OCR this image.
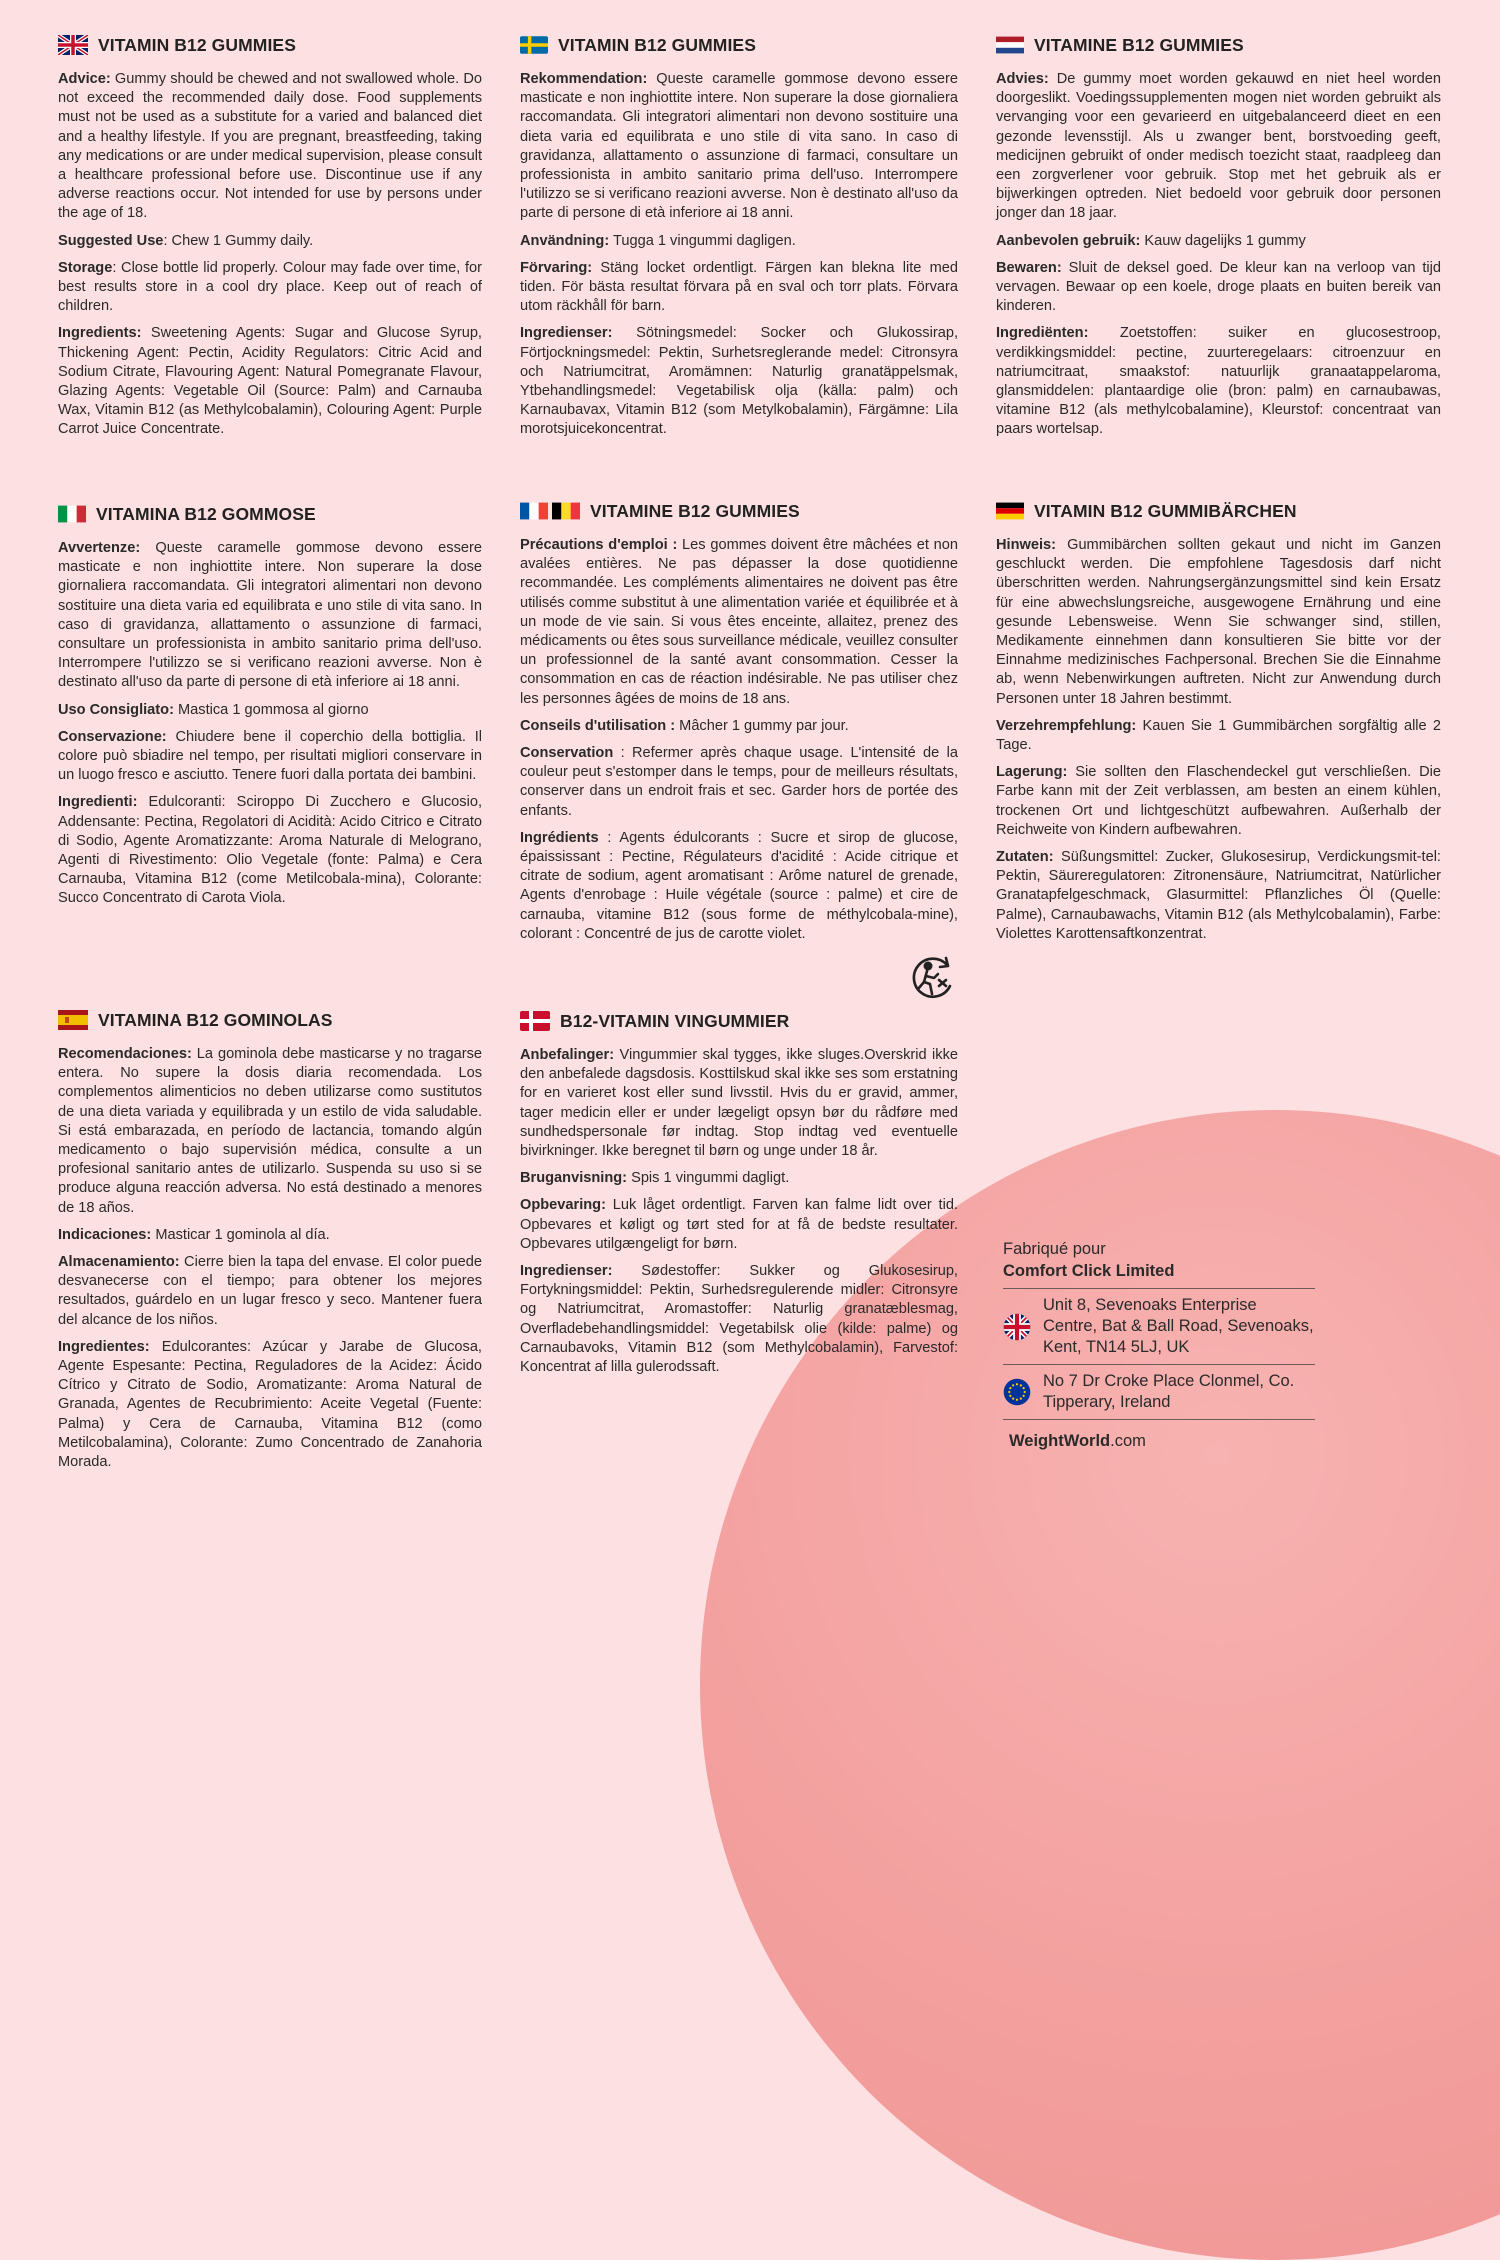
VITAMIN B12 GUMMIES

Advice: Gummy should be chewed and not swallowed whole. Do not exceed the recommended daily dose. Food supplements must not be used as a substitute for a varied and balanced diet and a healthy lifestyle. If you are pregnant, breastfeeding, taking any medications or are under medical supervision, please consult a healthcare professional before use. Discontinue use if any adverse reactions occur. Not intended for use by persons under the age of 18.

Suggested Use: Chew 1 Gummy daily.

Storage: Close bottle lid properly. Colour may fade over time, for best results store in a cool dry place. Keep out of reach of children.

Ingredients: Sweetening Agents: Sugar and Glucose Syrup, Thickening Agent: Pectin, Acidity Regulators: Citric Acid and Sodium Citrate, Flavouring Agent: Natural Pomegranate Flavour, Glazing Agents: Vegetable Oil (Source: Palm) and Carnauba Wax, Vitamin B12 (as Methylcobalamin), Colouring Agent: Purple Carrot Juice Concentrate.

VITAMIN B12 GUMMIES

Rekommendation: Queste caramelle gommose devono essere masticate e non inghiottite intere. Non superare la dose giornaliera raccomandata. Gli integratori alimentari non devono sostituire una dieta varia ed equilibrata e uno stile di vita sano. In caso di gravidanza, allattamento o assunzione di farmaci, consultare un professionista in ambito sanitario prima dell'uso. Interrompere l'utilizzo se si verificano reazioni avverse. Non è destinato all'uso da parte di persone di età inferiore ai 18 anni.

Användning: Tugga 1 vingummi dagligen.

Förvaring: Stäng locket ordentligt. Färgen kan blekna lite med tiden. För bästa resultat förvara på en sval och torr plats. Förvara utom räckhåll för barn.

Ingredienser: Sötningsmedel: Socker och Glukossirap, Förtjockningsmedel: Pektin, Surhetsreglerande medel: Citronsyra och Natriumcitrat, Aromämnen: Naturlig granatäppelsmak, Ytbehandlingsmedel: Vegetabilisk olja (källa: palm) och Karnaubavax, Vitamin B12 (som Metylkobalamin), Färgämne: Lila morotsjuicekoncentrat.

VITAMINE B12 GUMMIES

Advies: De gummy moet worden gekauwd en niet heel worden doorgeslikt. Voedingssupplementen mogen niet worden gebruikt als vervanging voor een gevarieerd en uitgebalanceerd dieet en een gezonde levensstijl. Als u zwanger bent, borstvoeding geeft, medicijnen gebruikt of onder medisch toezicht staat, raadpleeg dan een zorgverlener voor gebruik. Stop met het gebruik als er bijwerkingen optreden. Niet bedoeld voor gebruik door personen jonger dan 18 jaar.

Aanbevolen gebruik: Kauw dagelijks 1 gummy

Bewaren: Sluit de deksel goed. De kleur kan na verloop van tijd vervagen. Bewaar op een koele, droge plaats en buiten bereik van kinderen.

Ingrediënten: Zoetstoffen: suiker en glucosestroop, verdikkingsmiddel: pectine, zuurteregelaars: citroenzuur en natriumcitraat, smaakstof: natuurlijk granaatappelaroma, glansmiddelen: plantaardige olie (bron: palm) en carnaubawas, vitamine B12 (als methylcobalamine), Kleurstof: concentraat van paars wortelsap.

VITAMINA B12 GOMMOSE

Avvertenze: Queste caramelle gommose devono essere masticate e non inghiottite intere. Non superare la dose giornaliera raccomandata. Gli integratori alimentari non devono sostituire una dieta varia ed equilibrata e uno stile di vita sano. In caso di gravidanza, allattamento o assunzione di farmaci, consultare un professionista in ambito sanitario prima dell'uso. Interrompere l'utilizzo se si verificano reazioni avverse. Non è destinato all'uso da parte di persone di età inferiore ai 18 anni.

Uso Consigliato: Mastica 1 gommosa al giorno

Conservazione: Chiudere bene il coperchio della bottiglia. Il colore può sbiadire nel tempo, per risultati migliori conservare in un luogo fresco e asciutto. Tenere fuori dalla portata dei bambini.

Ingredienti: Edulcoranti: Sciroppo Di Zucchero e Glucosio, Addensante: Pectina, Regolatori di Acidità: Acido Citrico e Citrato di Sodio, Agente Aromatizzante: Aroma Naturale di Melograno, Agenti di Rivestimento: Olio Vegetale (fonte: Palma) e Cera Carnauba, Vitamina B12 (come Metilcobala-mina), Colorante: Succo Concentrato di Carota Viola.

VITAMINE B12 GUMMIES

Précautions d'emploi : Les gommes doivent être mâchées et non avalées entières. Ne pas dépasser la dose quotidienne recommandée. Les compléments alimentaires ne doivent pas être utilisés comme substitut à une alimentation variée et équilibrée et à un mode de vie sain. Si vous êtes enceinte, allaitez, prenez des médicaments ou êtes sous surveillance médicale, veuillez consulter un professionnel de la santé avant consommation. Cesser la consommation en cas de réaction indésirable. Ne pas utiliser chez les personnes âgées de moins de 18 ans.

Conseils d'utilisation : Mâcher 1 gummy par jour.

Conservation : Refermer après chaque usage. L'intensité de la couleur peut s'estomper dans le temps, pour de meilleurs résultats, conserver dans un endroit frais et sec. Garder hors de portée des enfants.

Ingrédients : Agents édulcorants : Sucre et sirop de glucose, épaississant : Pectine, Régulateurs d'acidité : Acide citrique et citrate de sodium, agent aromatisant : Arôme naturel de grenade, Agents d'enrobage : Huile végétale (source : palme) et cire de carnauba, vitamine B12 (sous forme de méthylcobala-mine), colorant : Concentré de jus de carotte violet.

VITAMIN B12 GUMMIBÄRCHEN

Hinweis: Gummibärchen sollten gekaut und nicht im Ganzen geschluckt werden. Die empfohlene Tagesdosis darf nicht überschritten werden. Nahrungsergänzungsmittel sind kein Ersatz für eine abwechslungsreiche, ausgewogene Ernährung und eine gesunde Lebensweise. Wenn Sie schwanger sind, stillen, Medikamente einnehmen dann konsultieren Sie bitte vor der Einnahme medizinisches Fachpersonal. Brechen Sie die Einnahme ab, wenn Nebenwirkungen auftreten. Nicht zur Anwendung durch Personen unter 18 Jahren bestimmt.

Verzehrempfehlung: Kauen Sie 1 Gummibärchen sorgfältig alle 2 Tage.

Lagerung: Sie sollten den Flaschendeckel gut verschließen. Die Farbe kann mit der Zeit verblassen, am besten an einem kühlen, trockenen Ort und lichtgeschützt aufbewahren. Außerhalb der Reichweite von Kindern aufbewahren.

Zutaten: Süßungsmittel: Zucker, Glukosesirup, Verdickungsmit-tel: Pektin, Säureregulatoren: Zitronensäure, Natriumcitrat, Natürlicher Granatapfelgeschmack, Glasurmittel: Pflanzliches Öl (Quelle: Palme), Carnaubawachs, Vitamin B12 (als Methylcobalamin), Farbe: Violettes Karottensaftkonzentrat.

VITAMINA B12 GOMINOLAS

Recomendaciones: La gominola debe masticarse y no tragarse entera. No supere la dosis diaria recomendada. Los complementos alimenticios no deben utilizarse como sustitutos de una dieta variada y equilibrada y un estilo de vida saludable. Si está embarazada, en período de lactancia, tomando algún medicamento o bajo supervisión médica, consulte a un profesional sanitario antes de utilizarlo. Suspenda su uso si se produce alguna reacción adversa. No está destinado a menores de 18 años.

Indicaciones: Masticar 1 gominola al día.

Almacenamiento: Cierre bien la tapa del envase. El color puede desvanecerse con el tiempo; para obtener los mejores resultados, guárdelo en un lugar fresco y seco. Mantener fuera del alcance de los niños.

Ingredientes: Edulcorantes: Azúcar y Jarabe de Glucosa, Agente Espesante: Pectina, Reguladores de la Acidez: Ácido Cítrico y Citrato de Sodio, Aromatizante: Aroma Natural de Granada, Agentes de Recubrimiento: Aceite Vegetal (Fuente: Palma) y Cera de Carnauba, Vitamina B12 (como Metilcobalamina), Colorante: Zumo Concentrado de Zanahoria Morada.

B12-VITAMIN VINGUMMIER

Anbefalinger: Vingummier skal tygges, ikke sluges.Overskrid ikke den anbefalede dagsdosis. Kosttilskud skal ikke ses som erstatning for en varieret kost eller sund livsstil. Hvis du er gravid, ammer, tager medicin eller er under lægeligt opsyn bør du rådføre med sundhedspersonale før indtag. Stop indtag ved eventuelle bivirkninger. Ikke beregnet til børn og unge under 18 år.

Bruganvisning: Spis 1 vingummi dagligt.

Opbevaring: Luk låget ordentligt. Farven kan falme lidt over tid. Opbevares et køligt og tørt sted for at få de bedste resultater. Opbevares utilgængeligt for børn.

Ingredienser: Sødestoffer: Sukker og Glukosesirup, Fortykningsmiddel: Pektin, Surhedsregulerende midler: Citronsyre og Natriumcitrat, Aromastoffer: Naturlig granatæblesmag, Overfladebehandlingsmiddel: Vegetabilsk olie (kilde: palme) og Carnaubavoks, Vitamin B12 (som Methylcobalamin), Farvestof: Koncentrat af lilla gulerodssaft.

Fabriqué pour
Comfort Click Limited
Unit 8, Sevenoaks Enterprise Centre, Bat & Ball Road, Sevenoaks, Kent, TN14 5LJ, UK
No 7 Dr Croke Place Clonmel, Co. Tipperary, Ireland
WeightWorld.com
